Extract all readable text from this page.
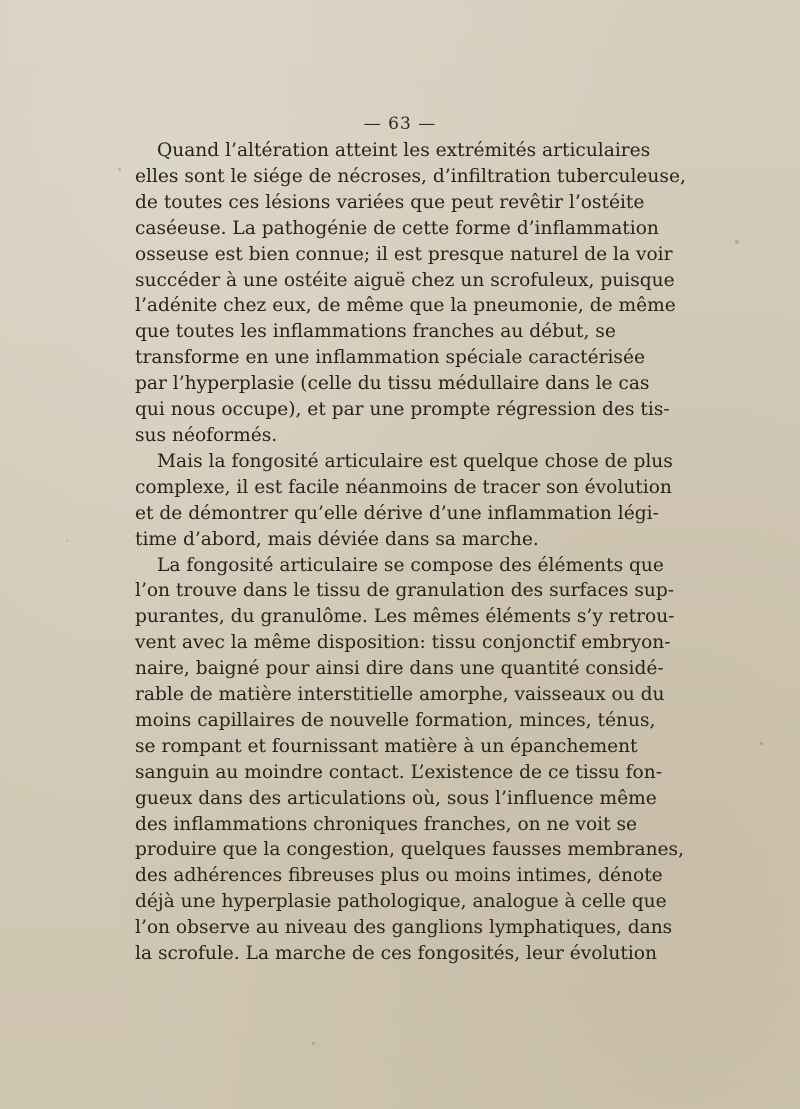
— 63 —
Quand l’altération atteint les extrémités articulaires
elles sont le siége de nécroses, d’infiltration tuberculeuse,
de toutes ces lésions variées que peut revêtir l’ostéite
caséeuse. La pathogénie de cette forme d’inflammation
osseuse est bien connue; il est presque naturel de la voir
succéder à une ostéite aiguë chez un scrofuleux, puisque
l’adénite chez eux, de même que la pneumonie, de même
que toutes les inflammations franches au début, se
transforme en une inflammation spéciale caractérisée
par l’hyperplasie (celle du tissu médullaire dans le cas
qui nous occupe), et par une prompte régression des tis-
sus néoformés.
Mais la fongosité articulaire est quelque chose de plus
complexe, il est facile néanmoins de tracer son évolution
et de démontrer qu’elle dérive d’une inflammation légi-
time d’abord, mais déviée dans sa marche.
La fongosité articulaire se compose des éléments que
l’on trouve dans le tissu de granulation des surfaces sup-
purantes, du granulôme. Les mêmes éléments s’y retrou-
vent avec la même disposition: tissu conjonctif embryon-
naire, baigné pour ainsi dire dans une quantité considé-
rable de matière interstitielle amorphe, vaisseaux ou du
moins capillaires de nouvelle formation, minces, ténus,
se rompant et fournissant matière à un épanchement
sanguin au moindre contact. L’existence de ce tissu fon-
gueux dans des articulations où, sous l’influence même
des inflammations chroniques franches, on ne voit se
produire que la congestion, quelques fausses membranes,
des adhérences fibreuses plus ou moins intimes, dénote
déjà une hyperplasie pathologique, analogue à celle que
l’on observe au niveau des ganglions lymphatiques, dans
la scrofule. La marche de ces fongosités, leur évolution
